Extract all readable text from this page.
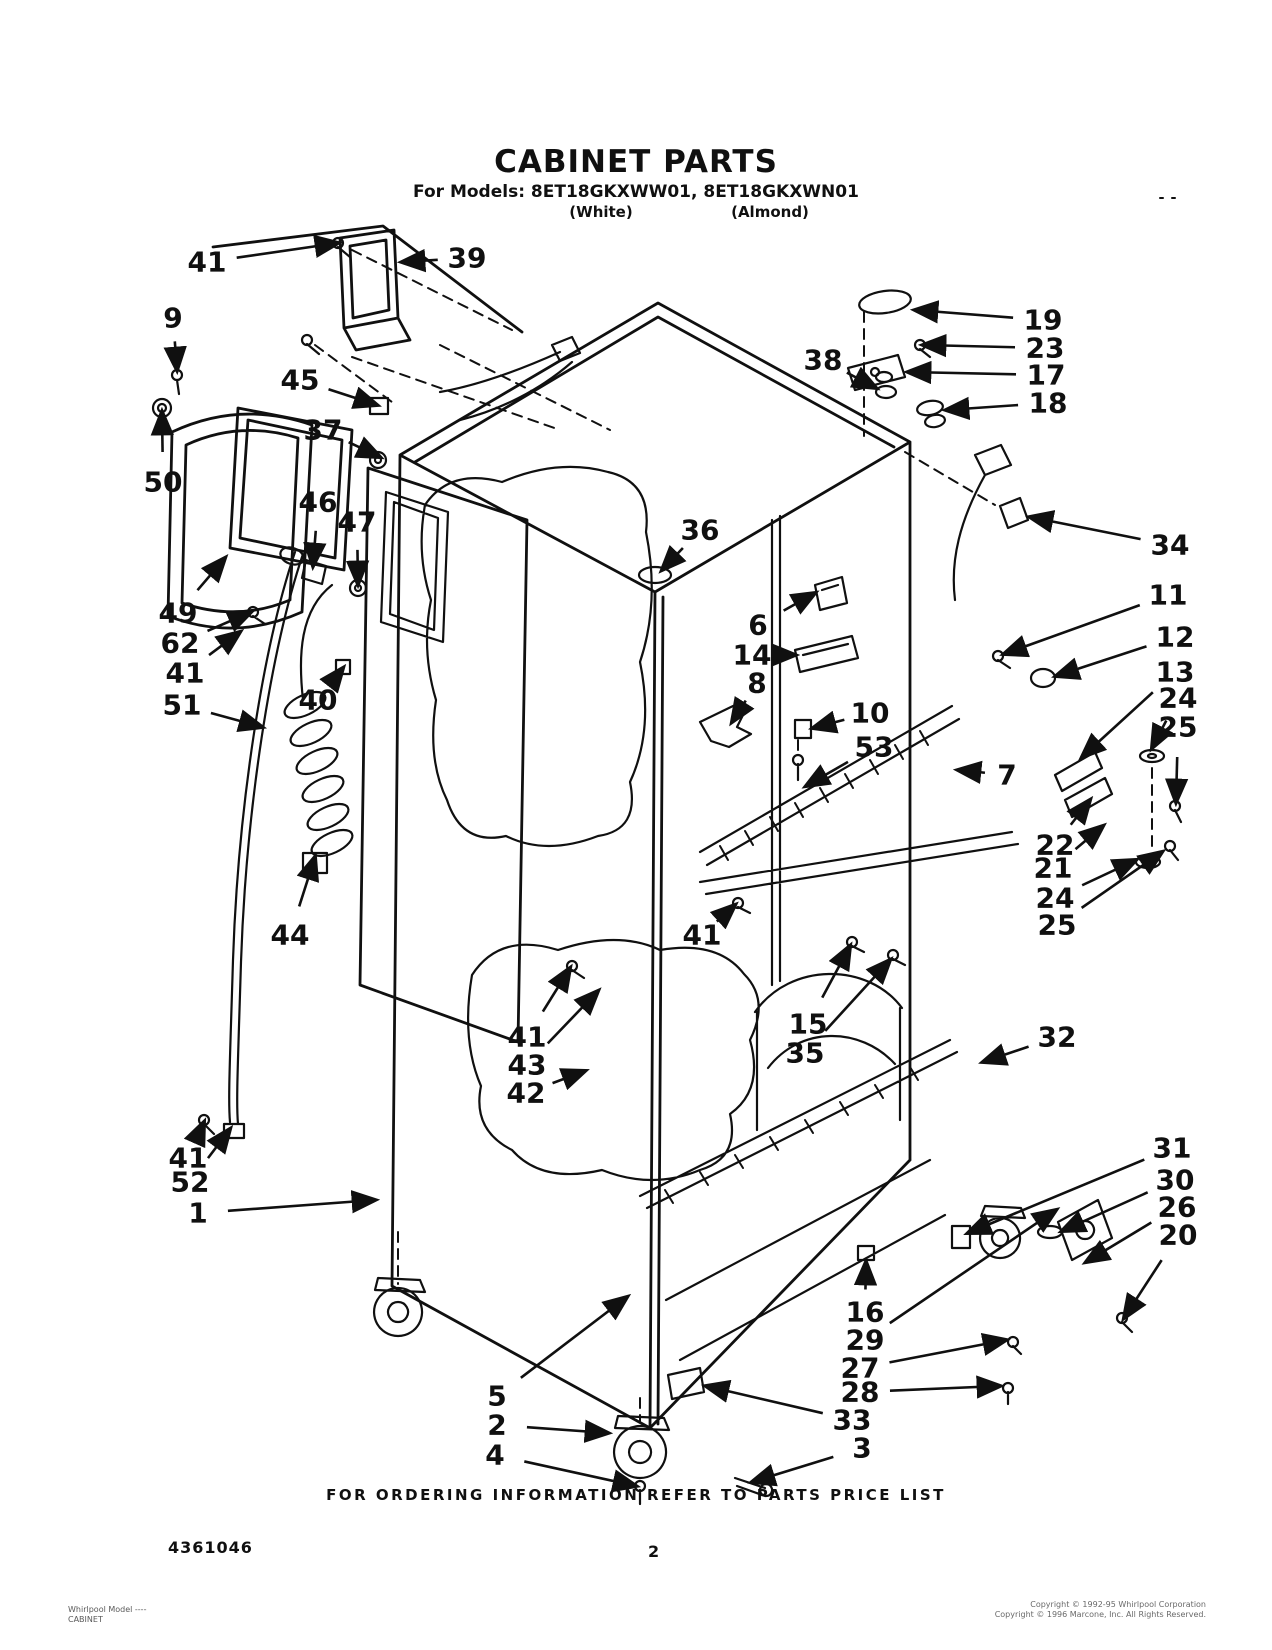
41	39
9
45
37
50
46
47
49
62
41
51	40
44
41
52
1
19
23
17
18
38
34
36
6
14
8
10
53
7
11
12
13
24
25
22
21
24
25
41
15
35
41
43
42
32
31
30
26
20
16
29
27
28
33
3
5
2
4
CABINET PARTS
For Models: 8ET18GKXWW01, 8ET18GKXWN01
(White)	(Almond)
FOR ORDERING INFORMATION REFER TO PARTS PRICE LIST
4361046	2
Whirlpool Model ----
CABINET
Copyright © 1992-95 Whirlpool Corporation
Copyright © 1996 Marcone, Inc. All Rights Reserved.
